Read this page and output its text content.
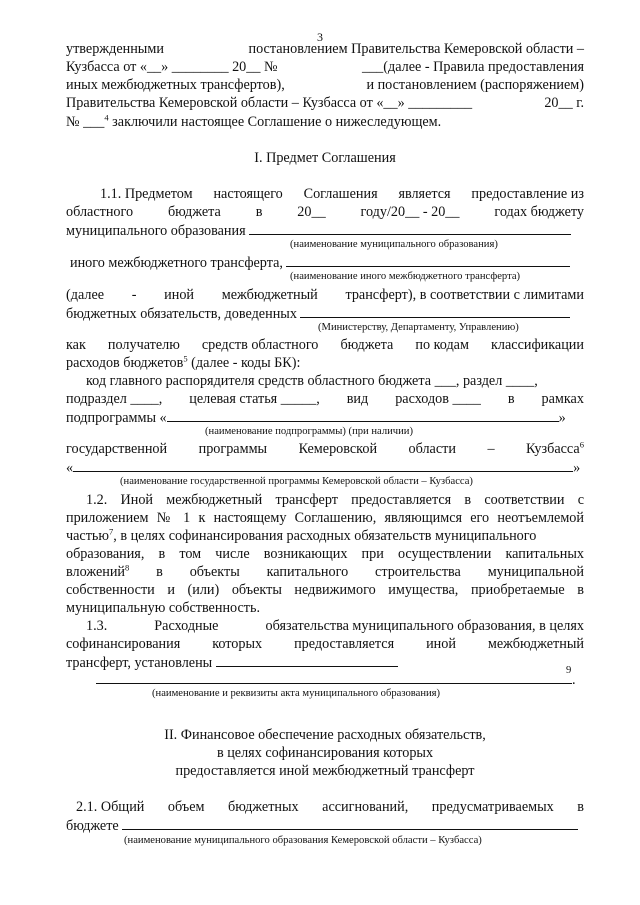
3
утвержденными	постановлением Правительства Кемеровской области –
Кузбасса от «__» ________ 20__ №	___(далее - Правила предоставления
иных межбюджетных трансфертов),	и постановлением (распоряжением)
Правительства Кемеровской области – Кузбасса от «__» _________	20__ г.
№ ___$^4$ заключили настоящее Соглашение о нижеследующем.
I. Предмет Соглашения
1.1. Предметом настоящего Соглашения является предоставление из
областного бюджета в 20__ году/20__ - 20__ годах бюджету
муниципального образования
(наименование муниципального образования)
иного межбюджетного трансферта,
(наименование иного межбюджетного трансферта)
(далее - иной межбюджетный трансферт), в соответствии с лимитами
бюджетных обязательств, доведенных
(Министерству, Департаменту, Управлению)
как получателю средств областного бюджета по кодам классификации
расходов бюджетов$^5$ (далее - коды БК):
код главного распорядителя средств областного бюджета ___, раздел ____,
подраздел ____, целевая статья _____, вид расходов ____ в рамках
подпрограммы «	»
(наименование подпрограммы) (при наличии)
государственной программы Кемеровской области – Кузбасса$^6$
«	»
(наименование государственной программы Кемеровской области – Кузбасса)
1.2. Иной межбюджетный трансферт предоставляется в соответствии с
приложением № 1 к настоящему Соглашению, являющимся его неотъемлемой
частью$^7$, в целях софинансирования расходных обязательств муниципального
образования, в том числе возникающих при осуществлении капитальных
вложений$^8$ в объекты капитального строительства муниципальной
собственности и (или) объекты недвижимого имущества, приобретаемые в
муниципальную собственность.
1.3.	Расходные	обязательства муниципального образования, в целях
софинансирования которых предоставляется иной межбюджетный
трансферт, установлены	9
.
(наименование и реквизиты акта муниципального образования)
II. Финансовое обеспечение расходных обязательств,
в целях софинансирования которых
предоставляется иной межбюджетный трансферт
2.1. Общий объем бюджетных ассигнований, предусматриваемых в
бюджете
(наименование муниципального образования Кемеровской области – Кузбасса)
